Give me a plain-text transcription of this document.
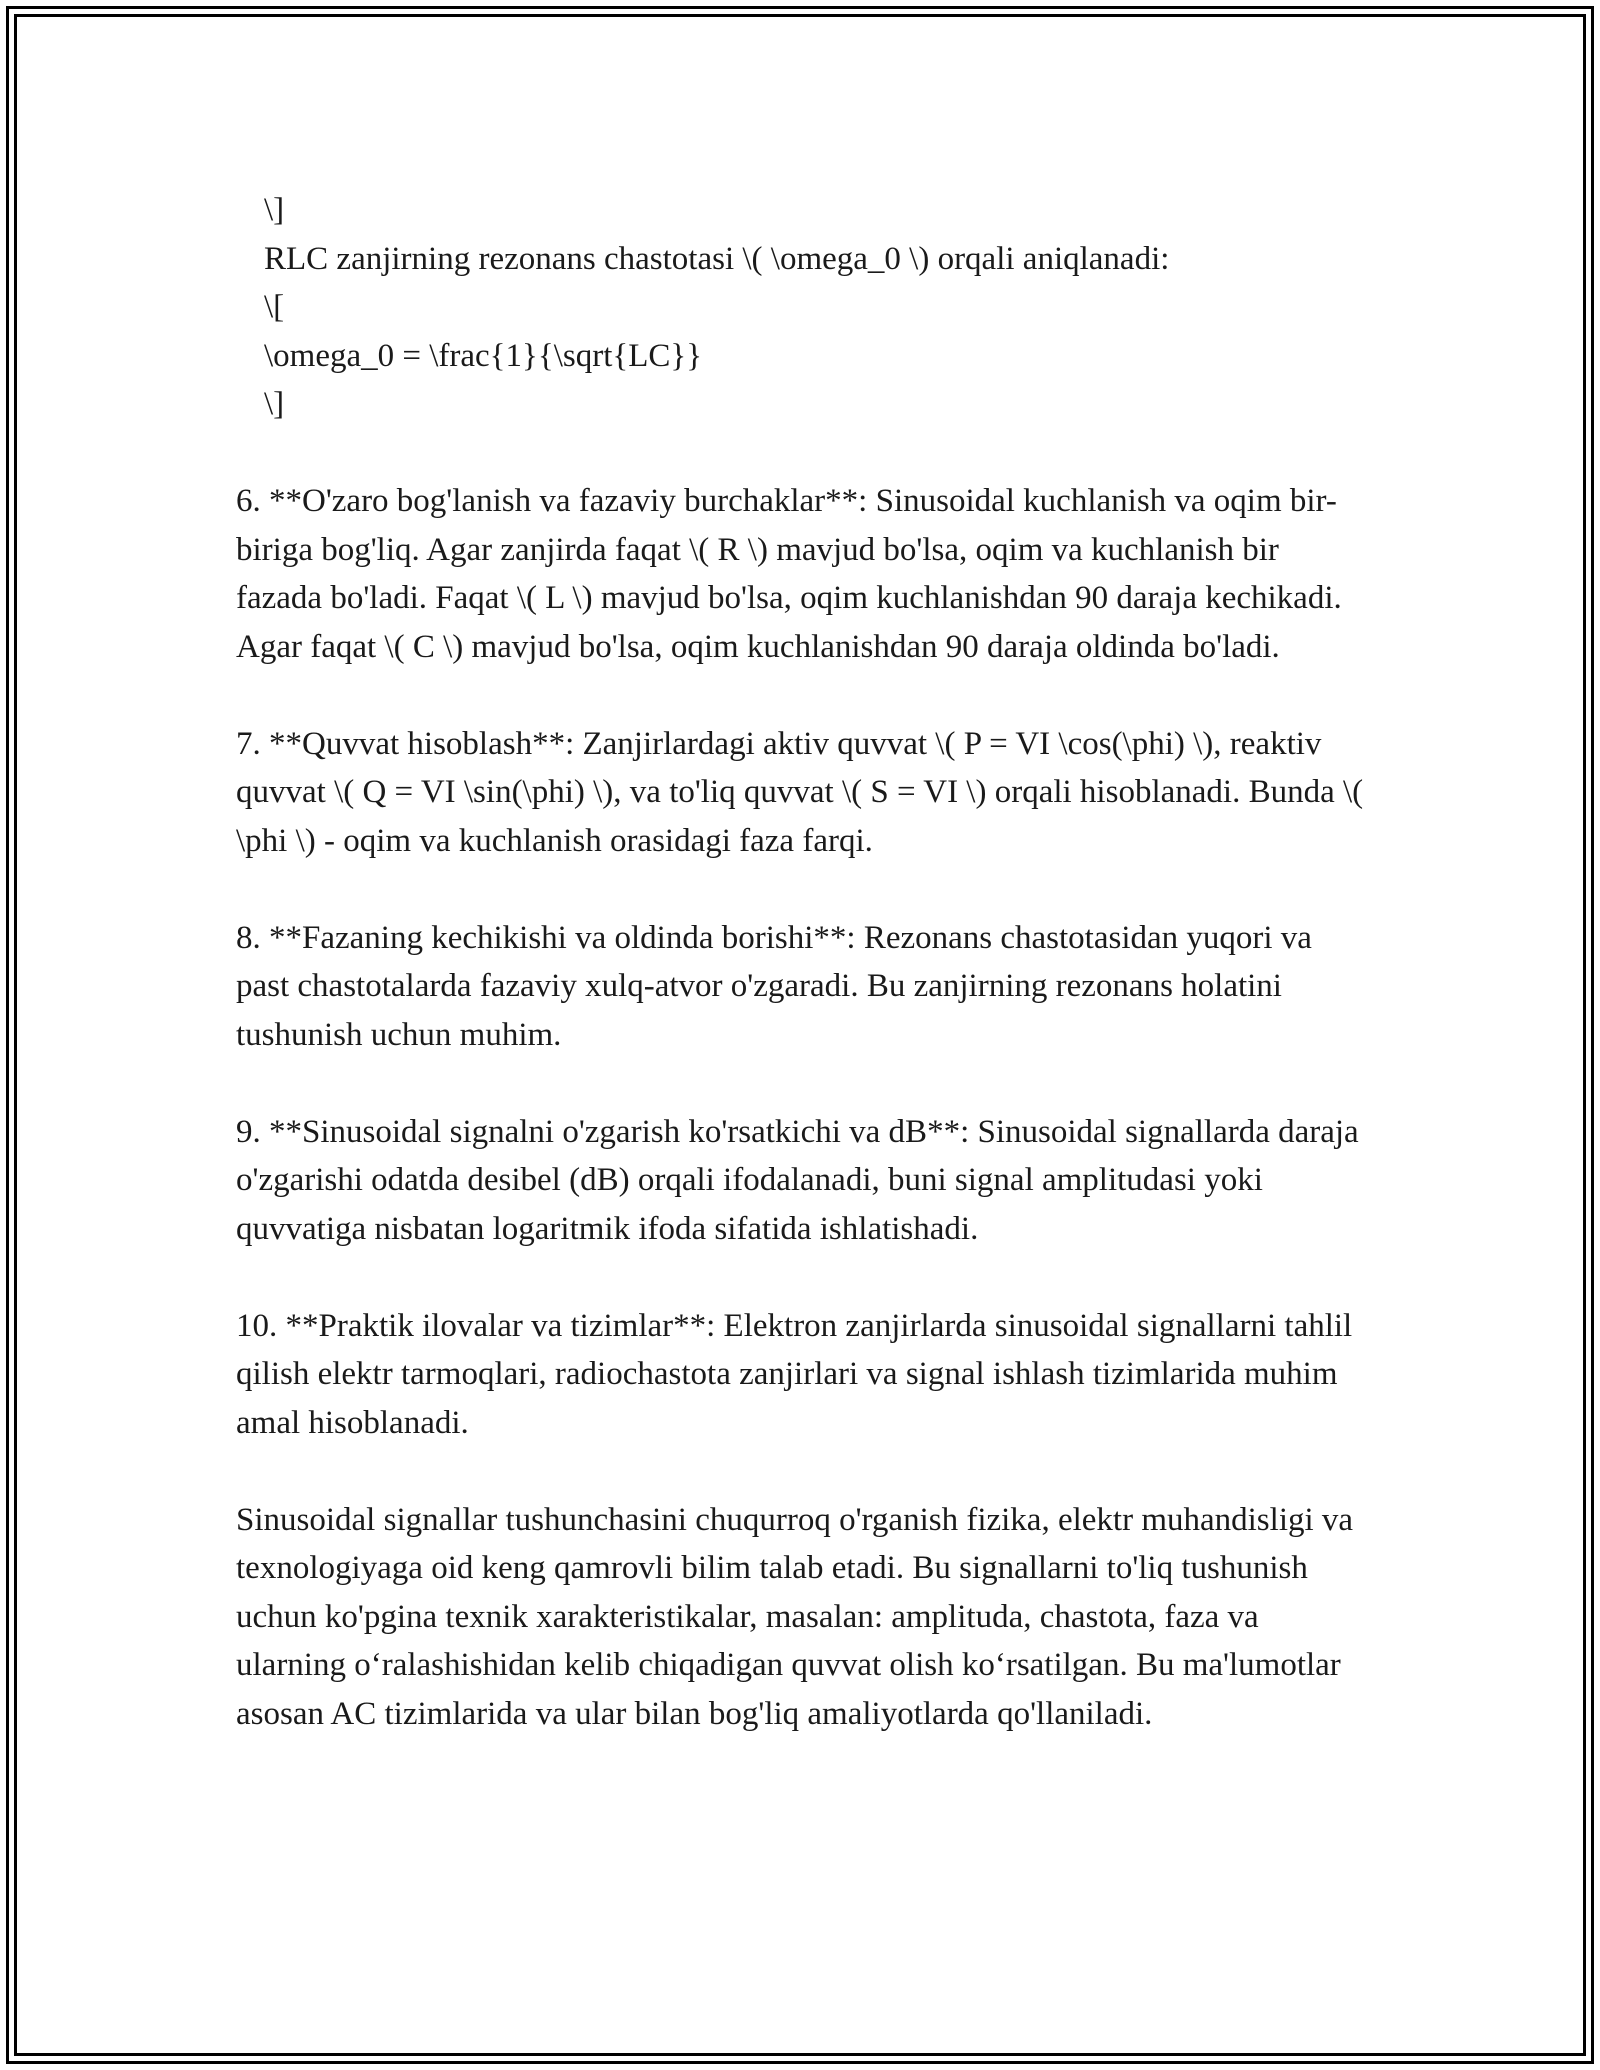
\]
RLC zanjirning rezonans chastotasi \( \omega_0 \) orqali aniqlanadi:
\[
\omega_0 = \frac{1}{\sqrt{LC}}
\]

6. **O'zaro bog'lanish va fazaviy burchaklar**: Sinusoidal kuchlanish va oqim bir-biriga bog'liq. Agar zanjirda faqat \( R \) mavjud bo'lsa, oqim va kuchlanish bir fazada bo'ladi. Faqat \( L \) mavjud bo'lsa, oqim kuchlanishdan 90 daraja kechikadi. Agar faqat \( C \) mavjud bo'lsa, oqim kuchlanishdan 90 daraja oldinda bo'ladi.

7. **Quvvat hisoblash**: Zanjirlardagi aktiv quvvat \( P = VI \cos(\phi) \), reaktiv quvvat \( Q = VI \sin(\phi) \), va to'liq quvvat \( S = VI \) orqali hisoblanadi. Bunda \( \phi \) - oqim va kuchlanish orasidagi faza farqi.

8. **Fazaning kechikishi va oldinda borishi**: Rezonans chastotasidan yuqori va past chastotalarda fazaviy xulq-atvor o'zgaradi. Bu zanjirning rezonans holatini tushunish uchun muhim.

9. **Sinusoidal signalni o'zgarish ko'rsatkichi va dB**: Sinusoidal signallarda daraja o'zgarishi odatda desibel (dB) orqali ifodalanadi, buni signal amplitudasi yoki quvvatiga nisbatan logaritmik ifoda sifatida ishlatishadi.

10. **Praktik ilovalar va tizimlar**: Elektron zanjirlarda sinusoidal signallarni tahlil qilish elektr tarmoqlari, radiochastota zanjirlari va signal ishlash tizimlarida muhim amal hisoblanadi.

Sinusoidal signallar tushunchasini chuqurroq o'rganish fizika, elektr muhandisligi va texnologiyaga oid keng qamrovli bilim talab etadi. Bu signallarni to'liq tushunish uchun ko'pgina texnik xarakteristikalar, masalan: amplituda, chastota, faza va ularning oʻralashishidan kelib chiqadigan quvvat olish koʻrsatilgan. Bu ma'lumotlar asosan AC tizimlarida va ular bilan bog'liq amaliyotlarda qo'llaniladi.
